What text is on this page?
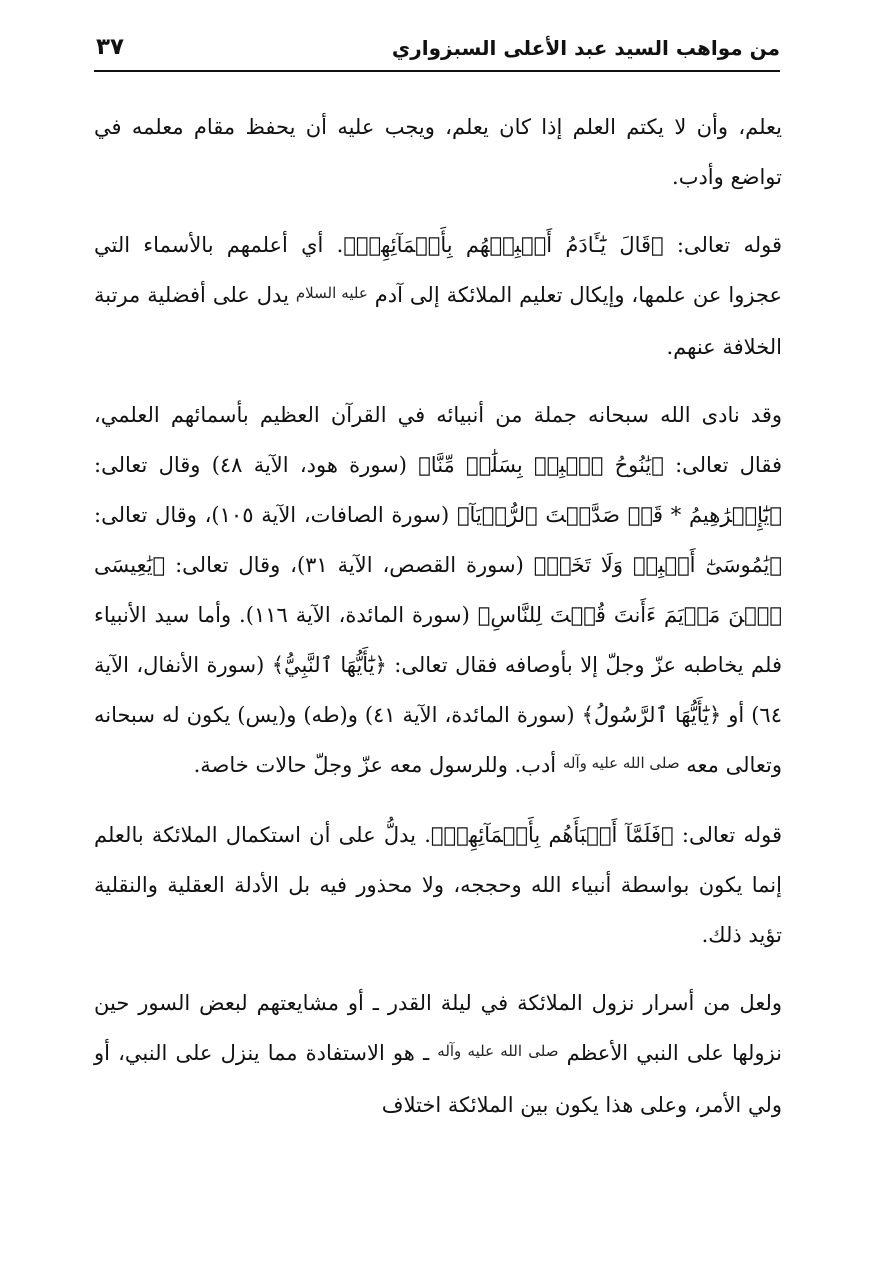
من مواهب السيد عبد الأعلى السبزواري
٣٧

يعلم، وأن لا يكتم العلم إذا كان يعلم، ويجب عليه أن يحفظ مقام معلمه في تواضع وأدب.

قوله تعالى: ﴿قَالَ يَٰٓـَٔادَمُ أَنۢبِئۡهُم بِأَسۡمَآئِهِمۡ﴾. أي أعلمهم بالأسماء التي عجزوا عن علمها، وإيكال تعليم الملائكة إلى آدم عليه السلام يدل على أفضلية مرتبة الخلافة عنهم.

وقد نادى الله سبحانه جملة من أنبيائه في القرآن العظيم بأسمائهم العلمي، فقال تعالى: ﴿يَٰنُوحُ ٱهۡبِطۡ بِسَلَٰمٖ مِّنَّا﴾ (سورة هود، الآية ٤٨) وقال تعالى: ﴿يَٰٓإِبۡرَٰهِيمُ * قَدۡ صَدَّقۡتَ ٱلرُّءۡيَآ﴾ (سورة الصافات، الآية ١٠٥)، وقال تعالى: ﴿يَٰمُوسَىٰٓ أَقۡبِلۡ وَلَا تَخَفۡ﴾ (سورة القصص، الآية ٣١)، وقال تعالى: ﴿يَٰعِيسَى ٱبۡنَ مَرۡيَمَ ءَأَنتَ قُلۡتَ لِلنَّاسِ﴾ (سورة المائدة، الآية ١١٦). وأما سيد الأنبياء فلم يخاطبه عزّ وجلّ إلا بأوصافه فقال تعالى: ﴿يَٰٓأَيُّهَا ٱلنَّبِيُّ﴾ (سورة الأنفال، الآية ٦٤) أو ﴿يَٰٓأَيُّهَا ٱلرَّسُولُ﴾ (سورة المائدة، الآية ٤١) و(طه) و(يس) يكون له سبحانه وتعالى معه صلى الله عليه وآله أدب. وللرسول معه عزّ وجلّ حالات خاصة.

قوله تعالى: ﴿فَلَمَّآ أَنۢبَأَهُم بِأَسۡمَآئِهِمۡ﴾. يدلُّ على أن استكمال الملائكة بالعلم إنما يكون بواسطة أنبياء الله وحججه، ولا محذور فيه بل الأدلة العقلية والنقلية تؤيد ذلك.

ولعل من أسرار نزول الملائكة في ليلة القدر ـ أو مشايعتهم لبعض السور حين نزولها على النبي الأعظم صلى الله عليه وآله ـ هو الاستفادة مما ينزل على النبي، أو ولي الأمر، وعلى هذا يكون بين الملائكة اختلاف
